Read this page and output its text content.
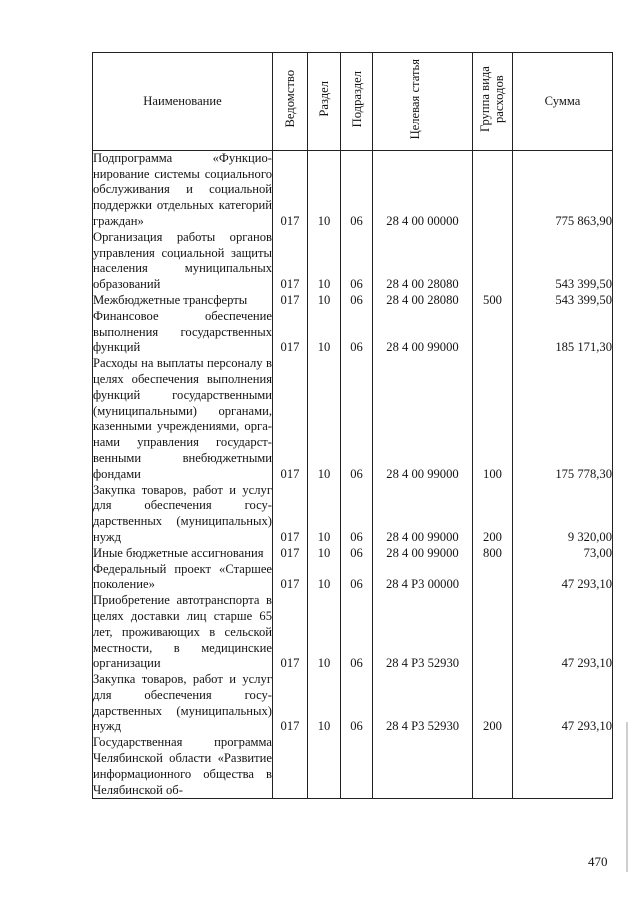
Наименование	Ведомство	Раздел	Подраздел	Целевая статья	Группа вида расходов	Сумма
Подпрограмма «Функционирование системы социального обслуживания и социальной поддержки отдельных категорий граждан»	017	10	06	28 4 00 00000		775 863,90
Организация работы органов управления социальной защиты населения муниципальных образований	017	10	06	28 4 00 28080		543 399,50
Межбюджетные трансферты	017	10	06	28 4 00 28080	500	543 399,50
Финансовое обеспечение выполнения государственных функций	017	10	06	28 4 00 99000		185 171,30
Расходы на выплаты персоналу в целях обеспечения выполнения функций государственными (муниципальными) органами, казенными учреждениями, органами управления государственными внебюджетными фондами	017	10	06	28 4 00 99000	100	175 778,30
Закупка товаров, работ и услуг для обеспечения государственных (муниципальных) нужд	017	10	06	28 4 00 99000	200	9 320,00
Иные бюджетные ассигнования	017	10	06	28 4 00 99000	800	73,00
Федеральный проект «Старшее поколение»	017	10	06	28 4 P3 00000		47 293,10
Приобретение автотранспорта в целях доставки лиц старше 65 лет, проживающих в сельской местности, в медицинские организации	017	10	06	28 4 P3 52930		47 293,10
Закупка товаров, работ и услуг для обеспечения государственных (муниципальных) нужд	017	10	06	28 4 P3 52930	200	47 293,10
Государственная программа Челябинской области «Развитие информационного общества в Челябинской об-						
470
